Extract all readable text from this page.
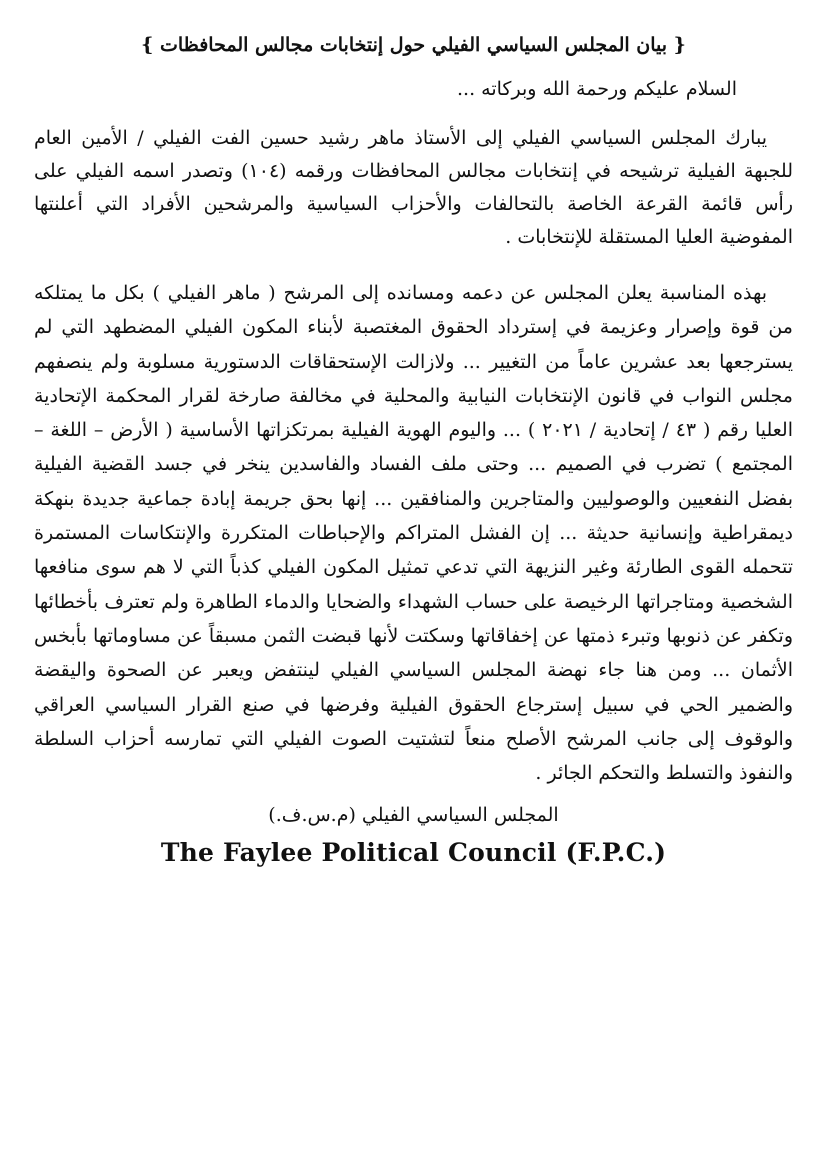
{ بيان المجلس السياسي الفيلي حول إنتخابات مجالس المحافظات }
السلام عليكم ورحمة الله وبركاته ...

يبارك المجلس السياسي الفيلي إلى الأستاذ ماهر رشيد حسين الفت الفيلي / الأمين العام للجبهة الفيلية ترشيحه في إنتخابات مجالس المحافظات ورقمه (١٠٤) وتصدر اسمه الفيلي على رأس قائمة القرعة الخاصة بالتحالفات والأحزاب السياسية والمرشحين الأفراد التي أعلنتها المفوضية العليا المستقلة للإنتخابات .

بهذه المناسبة يعلن المجلس عن دعمه ومسانده إلى المرشح ( ماهر الفيلي ) بكل ما يمتلكه من قوة وإصرار وعزيمة في إسترداد الحقوق المغتصبة لأبناء المكون الفيلي المضطهد التي لم يسترجعها بعد عشرين عاماً من التغيير ... ولازالت الإستحقاقات الدستورية مسلوبة ولم ينصفهم مجلس النواب في قانون الإنتخابات النيابية والمحلية في مخالفة صارخة لقرار المحكمة الإتحادية العليا رقم ( ٤٣ / إتحادية / ٢٠٢١ ) ... واليوم الهوية الفيلية بمرتكزاتها الأساسية ( الأرض – اللغة – المجتمع ) تضرب في الصميم ... وحتى ملف الفساد والفاسدين ينخر في جسد القضية الفيلية بفضل النفعيين والوصوليين والمتاجرين والمنافقين ... إنها بحق جريمة إبادة جماعية جديدة بنهكة ديمقراطية وإنسانية حديثة ... إن الفشل المتراكم والإحباطات المتكررة والإنتكاسات المستمرة تتحمله القوى الطارئة وغير النزيهة التي تدعي تمثيل المكون الفيلي كذباً التي لا هم سوى منافعها الشخصية ومتاجراتها الرخيصة على حساب الشهداء والضحايا والدماء الطاهرة ولم تعترف بأخطائها وتكفر عن ذنوبها وتبرء ذمتها عن إخفاقاتها وسكتت لأنها قبضت الثمن مسبقاً عن مساوماتها بأبخس الأثمان ... ومن هنا جاء نهضة المجلس السياسي الفيلي لينتفض ويعبر عن الصحوة واليقضة والضمير الحي في سبيل إسترجاع الحقوق الفيلية وفرضها في صنع القرار السياسي العراقي والوقوف إلى جانب المرشح الأصلح منعاً لتشتيت الصوت الفيلي التي تمارسه أحزاب السلطة والنفوذ والتسلط والتحكم الجائر .

المجلس السياسي الفيلي (م.س.ف.)
The Faylee Political Council (F.P.C.)
